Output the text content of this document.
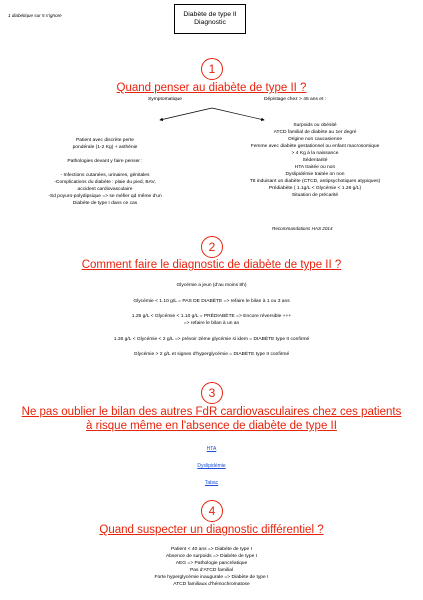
1 diabétique sur 5 s'ignore	Diabète de type II
Diagnostic
1
Quand penser au diabète de type II ?
Symptomatique	Dépistage chez > 45 ans et :
Patient avec discrète perte
pondérale (1-2 Kg) + asthénie
Pathologies devant y faire penser :
- Infections cutanées, urinaires, génitales
-Complications du diabète : plaie du pied, BAV,
accident cardiovasculaire
-Sd poyuro-polydipsique => se méfier qd même d'un
Diabète de type I dans ce cas
Surpoids ou obésité
ATCD familial de diabète au 1er degré
Origine non caucasienne
Femme avec diabète gestationnel ou enfant macrosomique
> 4 Kg à la naissance
Sédentarité
HTA traitée ou non
Dyslipidémie traitée on non
Ttt induisant un diabète (CTCD, antipsychotiques atypiques)
Prédiabète ( 1.1g/L < Glycémie < 1.26 g/L)
Situation de précarité
Recommandations HAS 2014
2
Comment faire le diagnostic de diabète de type II ?
Glycémie a jeun (d'au moins 8h)
Glycémie < 1.10 g/L = PAS DE DIABÈTE => refaire le bilan à 1 ou 3 ans
1.25 g/L < Glycémie < 1.10 g/L = PRÉDIABÈTE => Encore réversible +++
=> refaire le bilan à un an
1.26 g/L < Glycémie < 2 g/L => prévoir 2ème glycémie si idem = DIABÈTE type II confirmé
Glycémie > 2 g/L et signes d'hyperglycémie = DIABÈTE type II confirmé
3
Ne pas oublier le bilan des autres FdR cardiovasculaires chez ces patients
à risque même en l'absence de diabète de type II
HTA
Dyslipidémie
Tabac
4
Quand suspecter un diagnostic différentiel ?
Patient < 40 ans => Diabète de type I
Absence de surpoids => Diabète de type I
AEG => Pathologie pancréatique
Pas d'ATCD familial
Forte hyperglycémie inaugurale => Diabète de type I
ATCD familiaux d'hémochromatose
